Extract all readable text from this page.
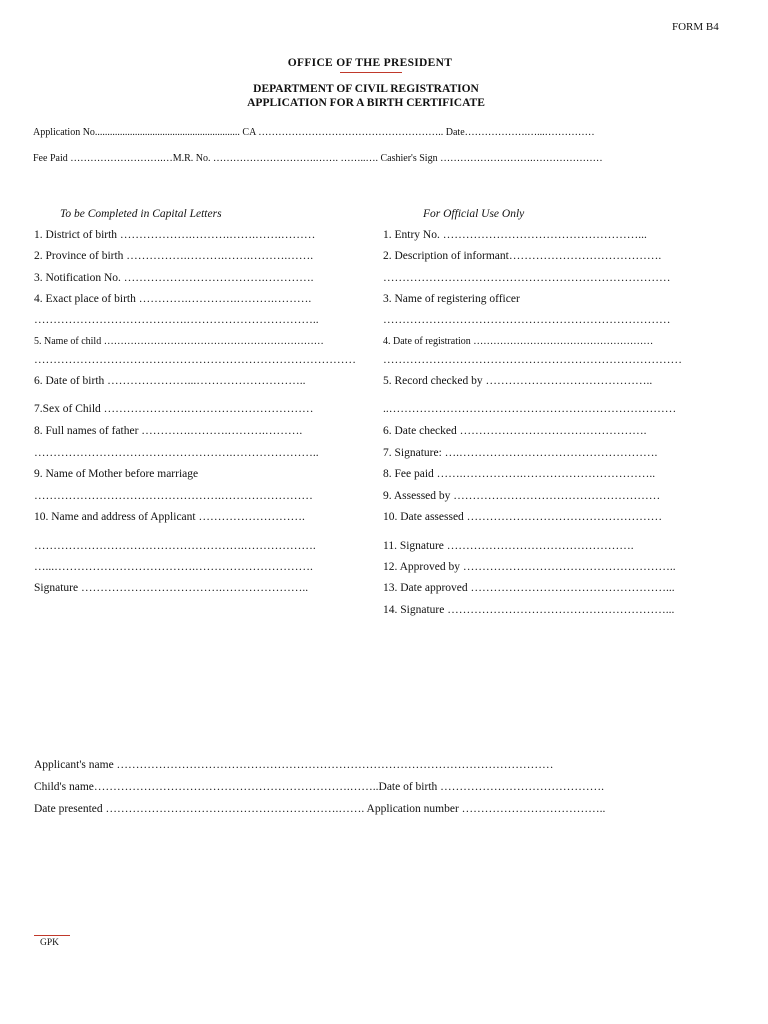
FORM B4
OFFICE OF THE PRESIDENT
DEPARTMENT OF CIVIL REGISTRATION
APPLICATION FOR A BIRTH CERTIFICATE
Application No.......................................................... CA ……………………………………………….. Date……………….…...……………
Fee Paid ……………………….…M.R. No. ………………………….……. ……..…. Cashier's Sign ……………………….…………………
To be Completed in Capital Letters	For Official Use Only
1. District of birth ……………….……….…….…….………
2. Province of birth …………….……….…….……….…….
3. Notification No. ……………………………….………….
4. Exact place of birth ………….………….……….……….
………………………………….……………………………..
5. Name of child …………………………………………………………
…………………………………………………………………………
6. Date of birth …………………...………………………..
7.Sex of Child ………………….……………………………
8. Full names of father ………….……….……….……….
…………………………………………….…………………..
9. Name of Mother before marriage
………………………………………….……………………
10. Name and address of Applicant ……………………….
……………………………………………….……………….
…...……………………………….………………………….
Signature ……………………………….…………………..
1. Entry No. ……………………………………………...
2. Description of informant………………………………….
…………………………………………………………………
3. Name of registering officer
…………………………………………………………………
4. Date of registration ………………………………………………
……………………………………………………………………
5. Record checked by ……………………………………..
..…………………………………………………………………
6. Date checked ………………………………………….
7. Signature: ….…………………………………………….
8. Fee paid …….…………….……………………………..
9. Assessed by ………………………………………………
10. Date assessed ……………………………………………
11. Signature ………………………………………….
12. Approved by ………………………………………………..
13. Date approved ……………………………………………...
14. Signature …………………………………………………...
Applicant's name ……………………………………………………………………………………………………
Child's name………………………………………………………….……..Date of birth …………………………………….
Date presented …………………………………………………….……. Application number ………………………………..
GPK
